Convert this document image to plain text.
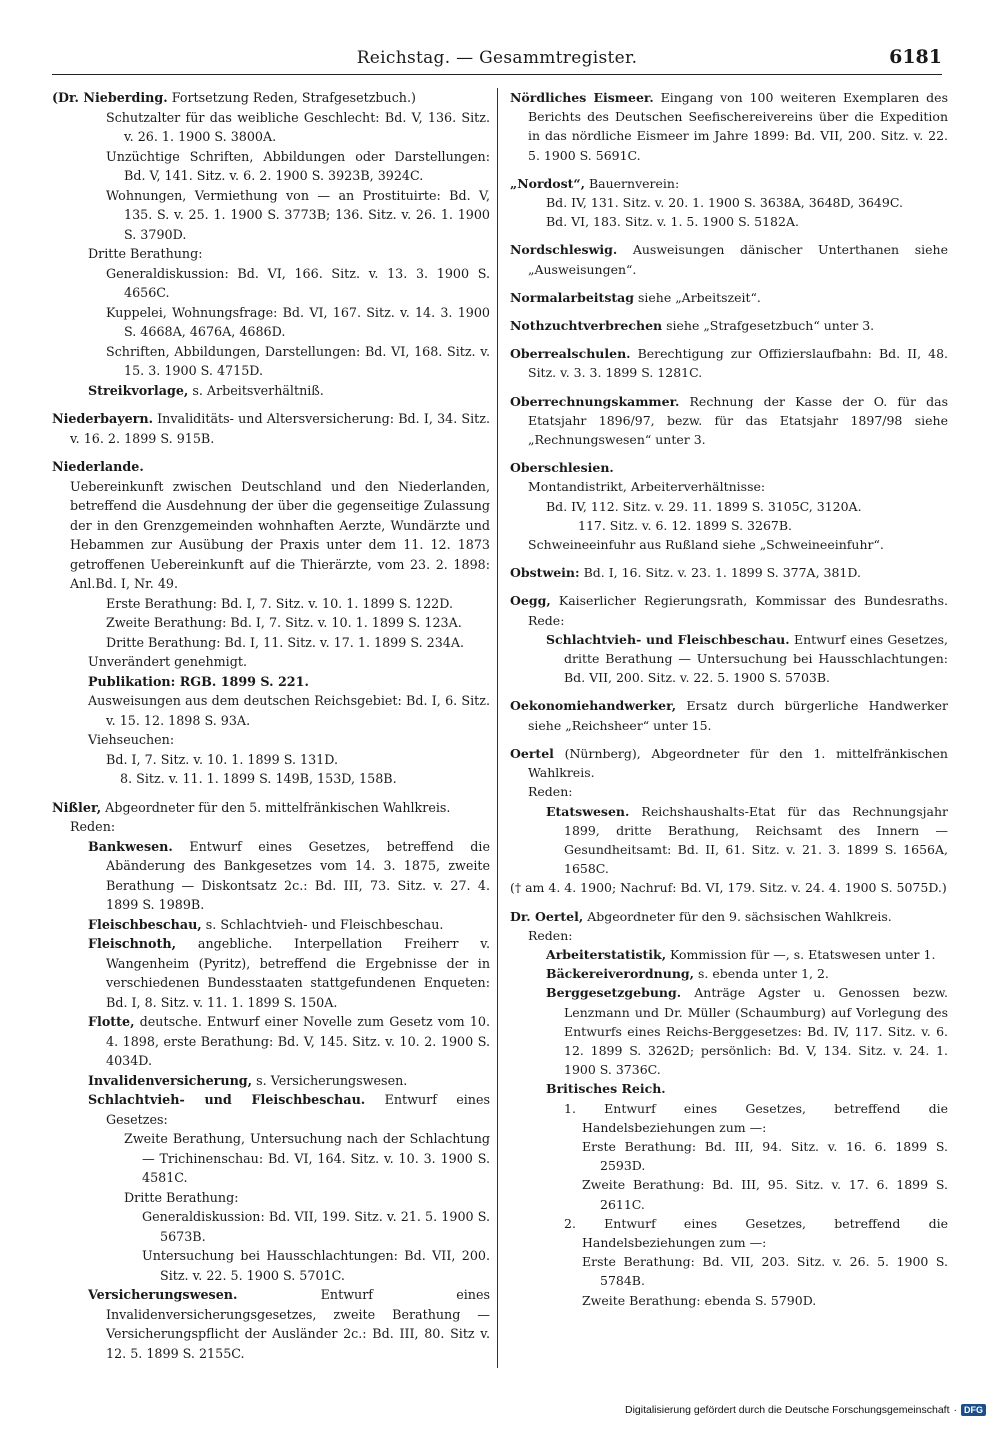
Reichstag. — Gesammtregister.	6181

(Dr. Nieberding. Fortsetzung Reden, Strafgesetzbuch.)

Schutzalter für das weibliche Geschlecht: Bd. V, 136. Sitz. v. 26. 1. 1900 S. 3800A.

Unzüchtige Schriften, Abbildungen oder Darstellungen: Bd. V, 141. Sitz. v. 6. 2. 1900 S. 3923B, 3924C.

Wohnungen, Vermiethung von — an Prostituirte: Bd. V, 135. S. v. 25. 1. 1900 S. 3773B; 136. Sitz. v. 26. 1. 1900 S. 3790D.

Dritte Berathung:

Generaldiskussion: Bd. VI, 166. Sitz. v. 13. 3. 1900 S. 4656C.

Kuppelei, Wohnungsfrage: Bd. VI, 167. Sitz. v. 14. 3. 1900 S. 4668A, 4676A, 4686D.

Schriften, Abbildungen, Darstellungen: Bd. VI, 168. Sitz. v. 15. 3. 1900 S. 4715D.

Streikvorlage, s. Arbeitsverhältniß.

Niederbayern. Invaliditäts- und Altersversicherung: Bd. I, 34. Sitz. v. 16. 2. 1899 S. 915B.

Niederlande.

Uebereinkunft zwischen Deutschland und den Niederlanden, betreffend die Ausdehnung der über die gegenseitige Zulassung der in den Grenzgemeinden wohnhaften Aerzte, Wundärzte und Hebammen zur Ausübung der Praxis unter dem 11. 12. 1873 getroffenen Uebereinkunft auf die Thierärzte, vom 23. 2. 1898: Anl.Bd. I, Nr. 49.

Erste Berathung: Bd. I, 7. Sitz. v. 10. 1. 1899 S. 122D.

Zweite Berathung: Bd. I, 7. Sitz. v. 10. 1. 1899 S. 123A.

Dritte Berathung: Bd. I, 11. Sitz. v. 17. 1. 1899 S. 234A.

Unverändert genehmigt.

Publikation: RGB. 1899 S. 221.

Ausweisungen aus dem deutschen Reichsgebiet: Bd. I, 6. Sitz. v. 15. 12. 1898 S. 93A.

Viehseuchen:

Bd. I, 7. Sitz. v. 10. 1. 1899 S. 131D.

8. Sitz. v. 11. 1. 1899 S. 149B, 153D, 158B.

Nißler, Abgeordneter für den 5. mittelfränkischen Wahlkreis.

Reden:

Bankwesen. Entwurf eines Gesetzes, betreffend die Abänderung des Bankgesetzes vom 14. 3. 1875, zweite Berathung — Diskontsatz 2c.: Bd. III, 73. Sitz. v. 27. 4. 1899 S. 1989B.

Fleischbeschau, s. Schlachtvieh- und Fleischbeschau.

Fleischnoth, angebliche. Interpellation Freiherr v. Wangenheim (Pyritz), betreffend die Ergebnisse der in verschiedenen Bundesstaaten stattgefundenen Enqueten: Bd. I, 8. Sitz. v. 11. 1. 1899 S. 150A.

Flotte, deutsche. Entwurf einer Novelle zum Gesetz vom 10. 4. 1898, erste Berathung: Bd. V, 145. Sitz. v. 10. 2. 1900 S. 4034D.

Invalidenversicherung, s. Versicherungswesen.

Schlachtvieh- und Fleischbeschau. Entwurf eines Gesetzes:

Zweite Berathung, Untersuchung nach der Schlachtung — Trichinenschau: Bd. VI, 164. Sitz. v. 10. 3. 1900 S. 4581C.

Dritte Berathung:

Generaldiskussion: Bd. VII, 199. Sitz. v. 21. 5. 1900 S. 5673B.

Untersuchung bei Hausschlachtungen: Bd. VII, 200. Sitz. v. 22. 5. 1900 S. 5701C.

Versicherungswesen. Entwurf eines Invalidenversicherungsgesetzes, zweite Berathung — Versicherungspflicht der Ausländer 2c.: Bd. III, 80. Sitz v. 12. 5. 1899 S. 2155C.

Nördliches Eismeer. Eingang von 100 weiteren Exemplaren des Berichts des Deutschen Seefischereivereins über die Expedition in das nördliche Eismeer im Jahre 1899: Bd. VII, 200. Sitz. v. 22. 5. 1900 S. 5691C.

„Nordost“, Bauernverein:

Bd. IV, 131. Sitz. v. 20. 1. 1900 S. 3638A, 3648D, 3649C.

Bd. VI, 183. Sitz. v. 1. 5. 1900 S. 5182A.

Nordschleswig. Ausweisungen dänischer Unterthanen siehe „Ausweisungen“.

Normalarbeitstag siehe „Arbeitszeit“.

Nothzuchtverbrechen siehe „Strafgesetzbuch“ unter 3.

Oberrealschulen. Berechtigung zur Offizierslaufbahn: Bd. II, 48. Sitz. v. 3. 3. 1899 S. 1281C.

Oberrechnungskammer. Rechnung der Kasse der O. für das Etatsjahr 1896/97, bezw. für das Etatsjahr 1897/98 siehe „Rechnungswesen“ unter 3.

Oberschlesien.

Montandistrikt, Arbeiterverhältnisse:

Bd. IV, 112. Sitz. v. 29. 11. 1899 S. 3105C, 3120A.

117. Sitz. v. 6. 12. 1899 S. 3267B.

Schweineeinfuhr aus Rußland siehe „Schweineeinfuhr“.

Obstwein: Bd. I, 16. Sitz. v. 23. 1. 1899 S. 377A, 381D.

Oegg, Kaiserlicher Regierungsrath, Kommissar des Bundesraths. Rede:

Schlachtvieh- und Fleischbeschau. Entwurf eines Gesetzes, dritte Berathung — Untersuchung bei Hausschlachtungen: Bd. VII, 200. Sitz. v. 22. 5. 1900 S. 5703B.

Oekonomiehandwerker, Ersatz durch bürgerliche Handwerker siehe „Reichsheer“ unter 15.

Oertel (Nürnberg), Abgeordneter für den 1. mittelfränkischen Wahlkreis.

Reden:

Etatswesen. Reichshaushalts-Etat für das Rechnungsjahr 1899, dritte Berathung, Reichsamt des Innern — Gesundheitsamt: Bd. II, 61. Sitz. v. 21. 3. 1899 S. 1656A, 1658C.

(† am 4. 4. 1900; Nachruf: Bd. VI, 179. Sitz. v. 24. 4. 1900 S. 5075D.)

Dr. Oertel, Abgeordneter für den 9. sächsischen Wahlkreis.

Reden:

Arbeiterstatistik, Kommission für —, s. Etatswesen unter 1.

Bäckereiverordnung, s. ebenda unter 1, 2.

Berggesetzgebung. Anträge Agster u. Genossen bezw. Lenzmann und Dr. Müller (Schaumburg) auf Vorlegung des Entwurfs eines Reichs-Berggesetzes: Bd. IV, 117. Sitz. v. 6. 12. 1899 S. 3262D; persönlich: Bd. V, 134. Sitz. v. 24. 1. 1900 S. 3736C.

Britisches Reich.

1. Entwurf eines Gesetzes, betreffend die Handelsbeziehungen zum —:

Erste Berathung: Bd. III, 94. Sitz. v. 16. 6. 1899 S. 2593D.

Zweite Berathung: Bd. III, 95. Sitz. v. 17. 6. 1899 S. 2611C.

2. Entwurf eines Gesetzes, betreffend die Handelsbeziehungen zum —:

Erste Berathung: Bd. VII, 203. Sitz. v. 26. 5. 1900 S. 5784B.

Zweite Berathung: ebenda S. 5790D.

Digitalisierung gefördert durch die Deutsche Forschungsgemeinschaft · DFG
